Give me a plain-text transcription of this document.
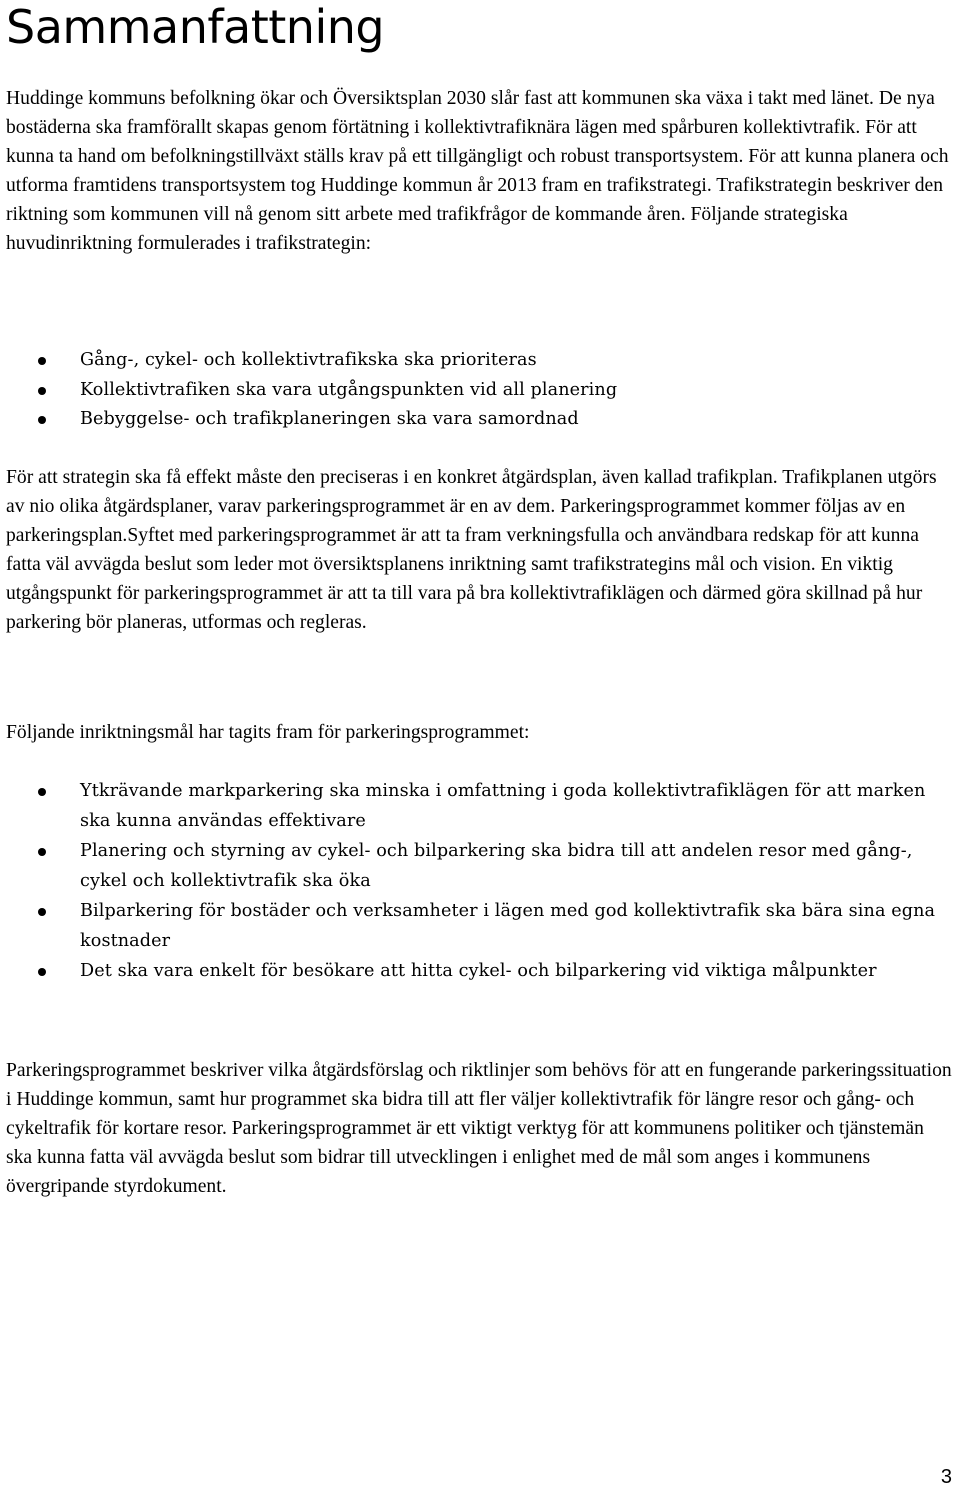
Sammanfattning

Huddinge kommuns befolkning ökar och Översiktsplan 2030 slår fast att kommunen ska växa i takt med länet. De nya bostäderna ska framförallt skapas genom förtätning i kollektivtrafiknära lägen med spårburen kollektivtrafik. För att kunna ta hand om befolkningstillväxt ställs krav på ett tillgängligt och robust transportsystem. För att kunna planera och utforma framtidens transportsystem tog Huddinge kommun år 2013 fram en trafikstrategi. Trafikstrategin beskriver den riktning som kommunen vill nå genom sitt arbete med trafikfrågor de kommande åren. Följande strategiska huvudinriktning formulerades i trafikstrategin:

Gång-, cykel- och kollektivtrafikska ska prioriteras
Kollektivtrafiken ska vara utgångspunkten vid all planering
Bebyggelse- och trafikplaneringen ska vara samordnad

För att strategin ska få effekt måste den preciseras i en konkret åtgärdsplan, även kallad trafikplan. Trafikplanen utgörs av nio olika åtgärdsplaner, varav parkeringsprogrammet är en av dem. Parkeringsprogrammet kommer följas av en parkeringsplan.Syftet med parkeringsprogrammet är att ta fram verkningsfulla och användbara redskap för att kunna fatta väl avvägda beslut som leder mot översiktsplanens inriktning samt trafikstrategins mål och vision. En viktig utgångspunkt för parkeringsprogrammet är att ta till vara på bra kollektivtrafiklägen och därmed göra skillnad på hur parkering bör planeras, utformas och regleras.

Följande inriktningsmål har tagits fram för parkeringsprogrammet:

Ytkrävande markparkering ska minska i omfattning i goda kollektivtrafiklägen för att marken ska kunna användas effektivare
Planering och styrning av cykel- och bilparkering ska bidra till att andelen resor med gång-, cykel och kollektivtrafik ska öka
Bilparkering för bostäder och verksamheter i lägen med god kollektivtrafik ska bära sina egna kostnader
Det ska vara enkelt för besökare att hitta cykel- och bilparkering vid viktiga målpunkter

Parkeringsprogrammet beskriver vilka åtgärdsförslag och riktlinjer som behövs för att en fungerande parkeringssituation i Huddinge kommun, samt hur programmet ska bidra till att fler väljer kollektivtrafik för längre resor och gång- och cykeltrafik för kortare resor. Parkeringsprogrammet är ett viktigt verktyg för att kommunens politiker och tjänstemän ska kunna fatta väl avvägda beslut som bidrar till utvecklingen i enlighet med de mål som anges i kommunens övergripande styrdokument.

3
